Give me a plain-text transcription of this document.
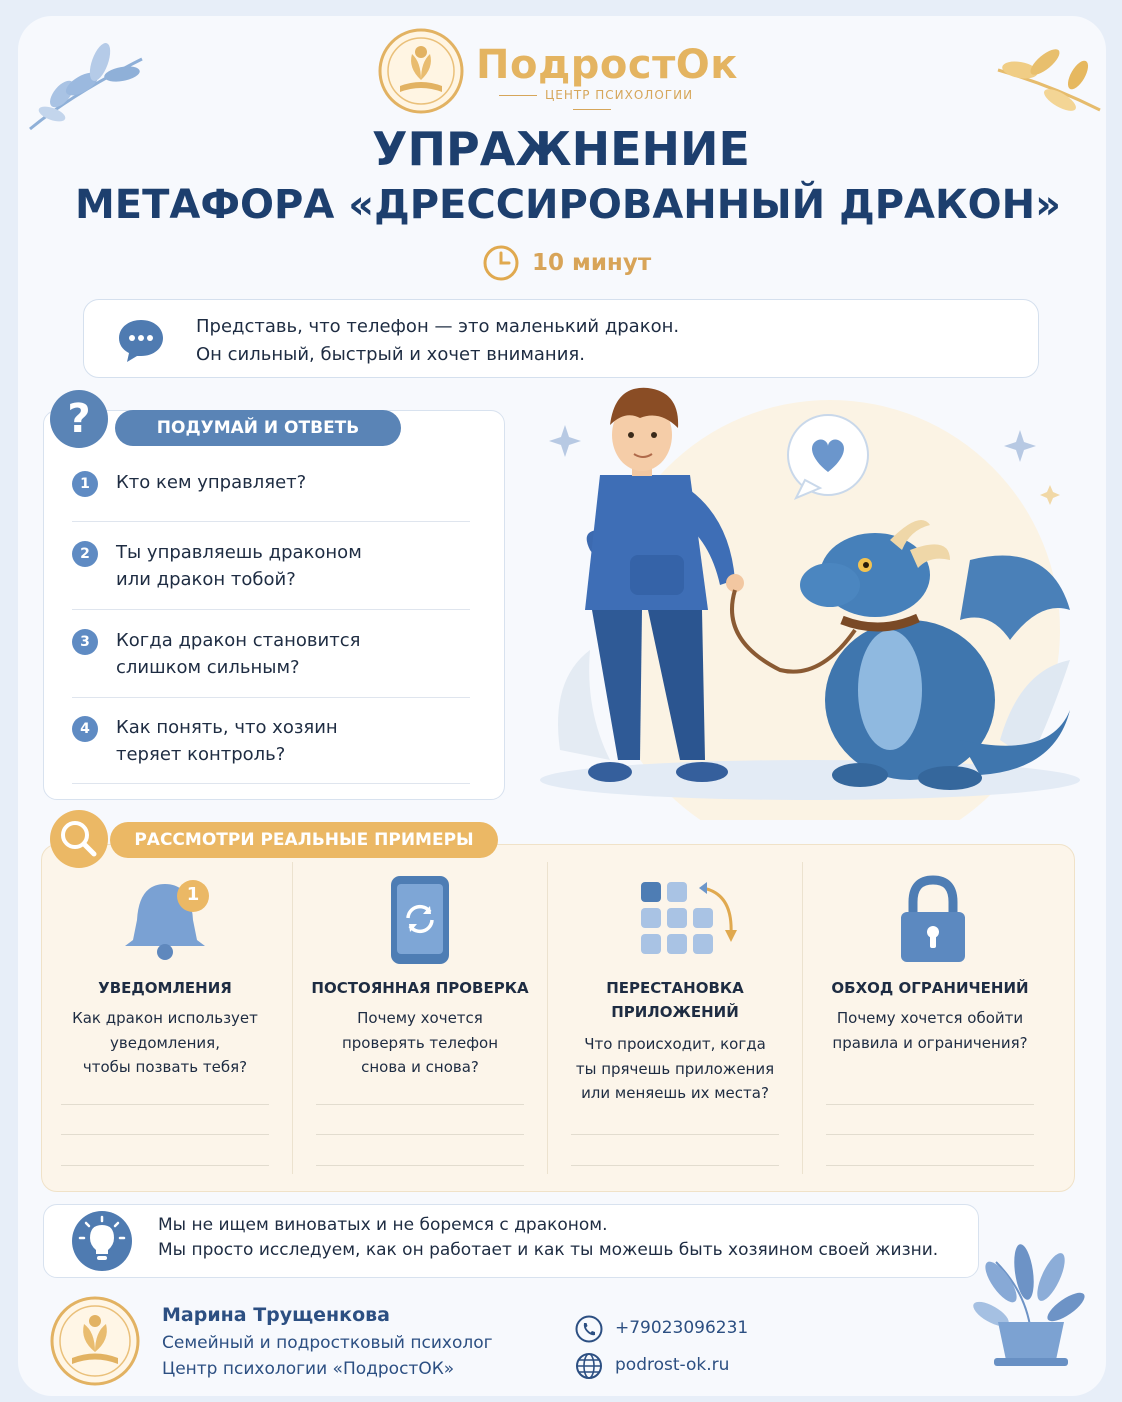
ПодростОк
ЦЕНТР ПСИХОЛОГИИ
УПРАЖНЕНИЕ
МЕТАФОРА «ДРЕССИРОВАННЫЙ ДРАКОН»
10 минут
Представь, что телефон — это маленький дракон.
Он сильный, быстрый и хочет внимания.
ПОДУМАЙ И ОТВЕТЬ
?
1	Кто кем управляет?
2	Ты управляешь драконом
или дракон тобой?
3	Когда дракон становится
слишком сильным?
4	Как понять, что хозяин
теряет контроль?
РАССМОТРИ РЕАЛЬНЫЕ ПРИМЕРЫ
1
УВЕДОМЛЕНИЯ
Как дракон использует
уведомления,
чтобы позвать тебя?
ПОСТОЯННАЯ ПРОВЕРКА
Почему хочется
проверять телефон
снова и снова?
ПЕРЕСТАНОВКА
ПРИЛОЖЕНИЙ
Что происходит, когда
ты прячешь приложения
или меняешь их места?
ОБХОД ОГРАНИЧЕНИЙ
Почему хочется обойти
правила и ограничения?
Мы не ищем виноватых и не боремся с драконом.
Мы просто исследуем, как он работает и как ты можешь быть хозяином своей жизни.
Марина Трущенкова
Семейный и подростковый психолог
Центр психологии «ПодростОК»
+79023096231
podrost-ok.ru
